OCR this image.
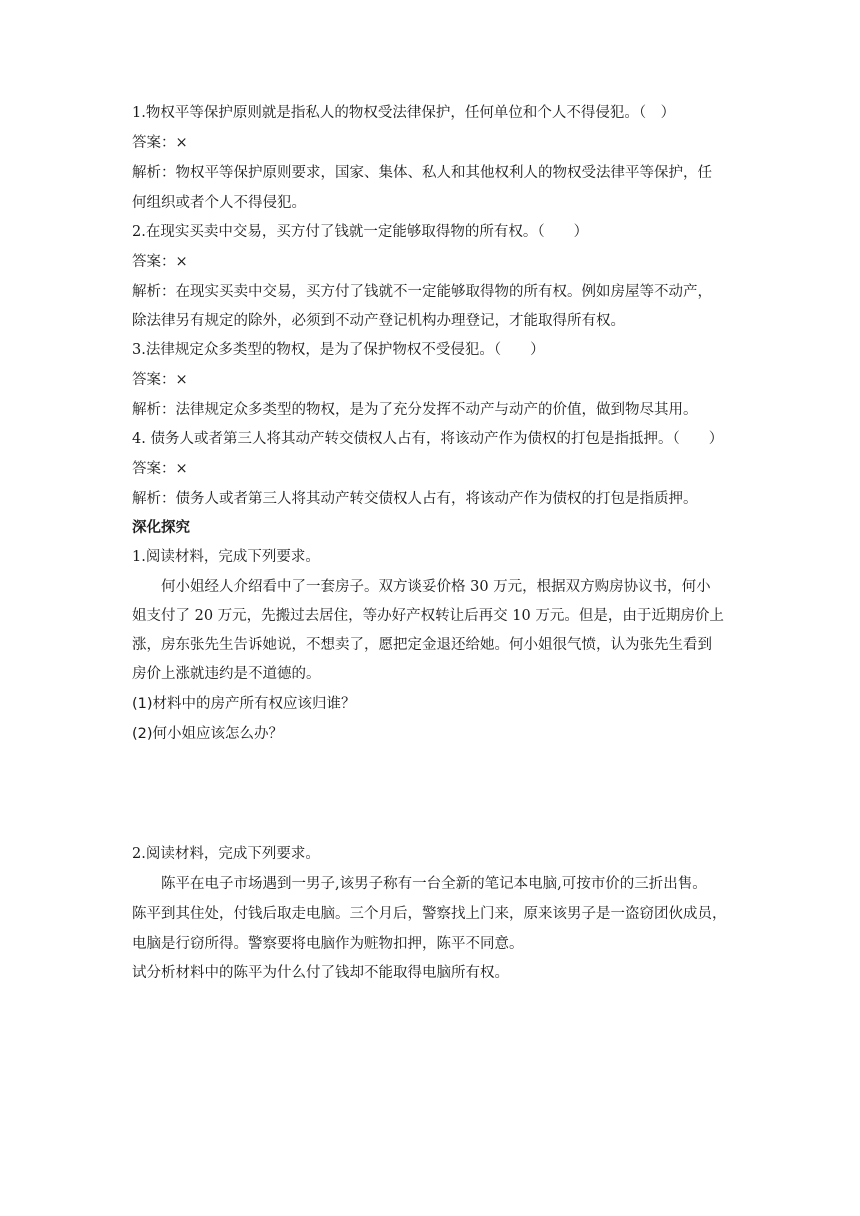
1.物权平等保护原则就是指私人的物权受法律保护，任何单位和个人不得侵犯。（　）
答案：×
解析：物权平等保护原则要求，国家、集体、私人和其他权利人的物权受法律平等保护，任
何组织或者个人不得侵犯。
2.在现实买卖中交易，买方付了钱就一定能够取得物的所有权。（　　）
答案：×
解析：在现实买卖中交易，买方付了钱就不一定能够取得物的所有权。例如房屋等不动产，
除法律另有规定的除外，必须到不动产登记机构办理登记，才能取得所有权。
3.法律规定众多类型的物权，是为了保护物权不受侵犯。（　　）
答案：×
解析：法律规定众多类型的物权，是为了充分发挥不动产与动产的价值，做到物尽其用。
4. 债务人或者第三人将其动产转交债权人占有，将该动产作为债权的打包是指抵押。（　　）
答案：×
解析：债务人或者第三人将其动产转交债权人占有，将该动产作为债权的打包是指质押。
深化探究
1.阅读材料，完成下列要求。
何小姐经人介绍看中了一套房子。双方谈妥价格 30 万元，根据双方购房协议书，何小
姐支付了 20 万元，先搬过去居住，等办好产权转让后再交 10 万元。但是，由于近期房价上
涨，房东张先生告诉她说，不想卖了，愿把定金退还给她。何小姐很气愤，认为张先生看到
房价上涨就违约是不道德的。
(1)材料中的房产所有权应该归谁？
(2)何小姐应该怎么办？
2.阅读材料，完成下列要求。
陈平在电子市场遇到一男子,该男子称有一台全新的笔记本电脑,可按市价的三折出售。
陈平到其住处，付钱后取走电脑。三个月后，警察找上门来，原来该男子是一盗窃团伙成员，
电脑是行窃所得。警察要将电脑作为赃物扣押，陈平不同意。
试分析材料中的陈平为什么付了钱却不能取得电脑所有权。
